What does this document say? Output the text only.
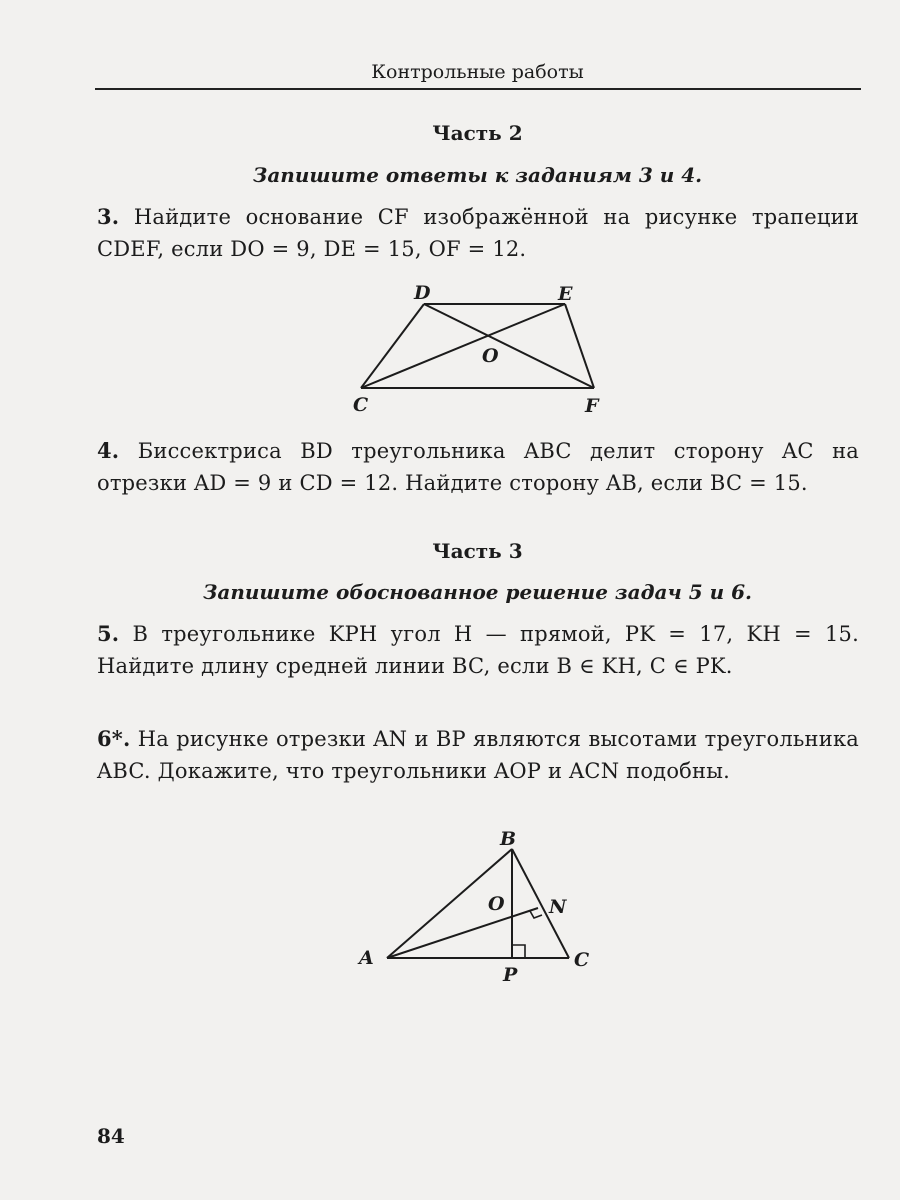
Контрольные работы
Часть 2
Запишите ответы к заданиям 3 и 4.
3. Найдите основание CF изображённой на рисунке трапеции CDEF, если DO = 9, DE = 15, OF = 12.
D	E
O
C	F
4. Биссектриса BD треугольника ABC делит сторону AC на отрезки AD = 9 и CD = 12. Найдите сторону AB, если BC = 15.
Часть 3
Запишите обоснованное решение задач 5 и 6.
5. В треугольнике KPH угол H — прямой, PK = 17, KH = 15. Найдите длину средней линии BC, если B ∈ KH, C ∈ PK.
6*. На рисунке отрезки AN и BP являются высотами треугольника ABC. Докажите, что треугольники AOP и ACN подобны.
B
O N
A
P
C
84
